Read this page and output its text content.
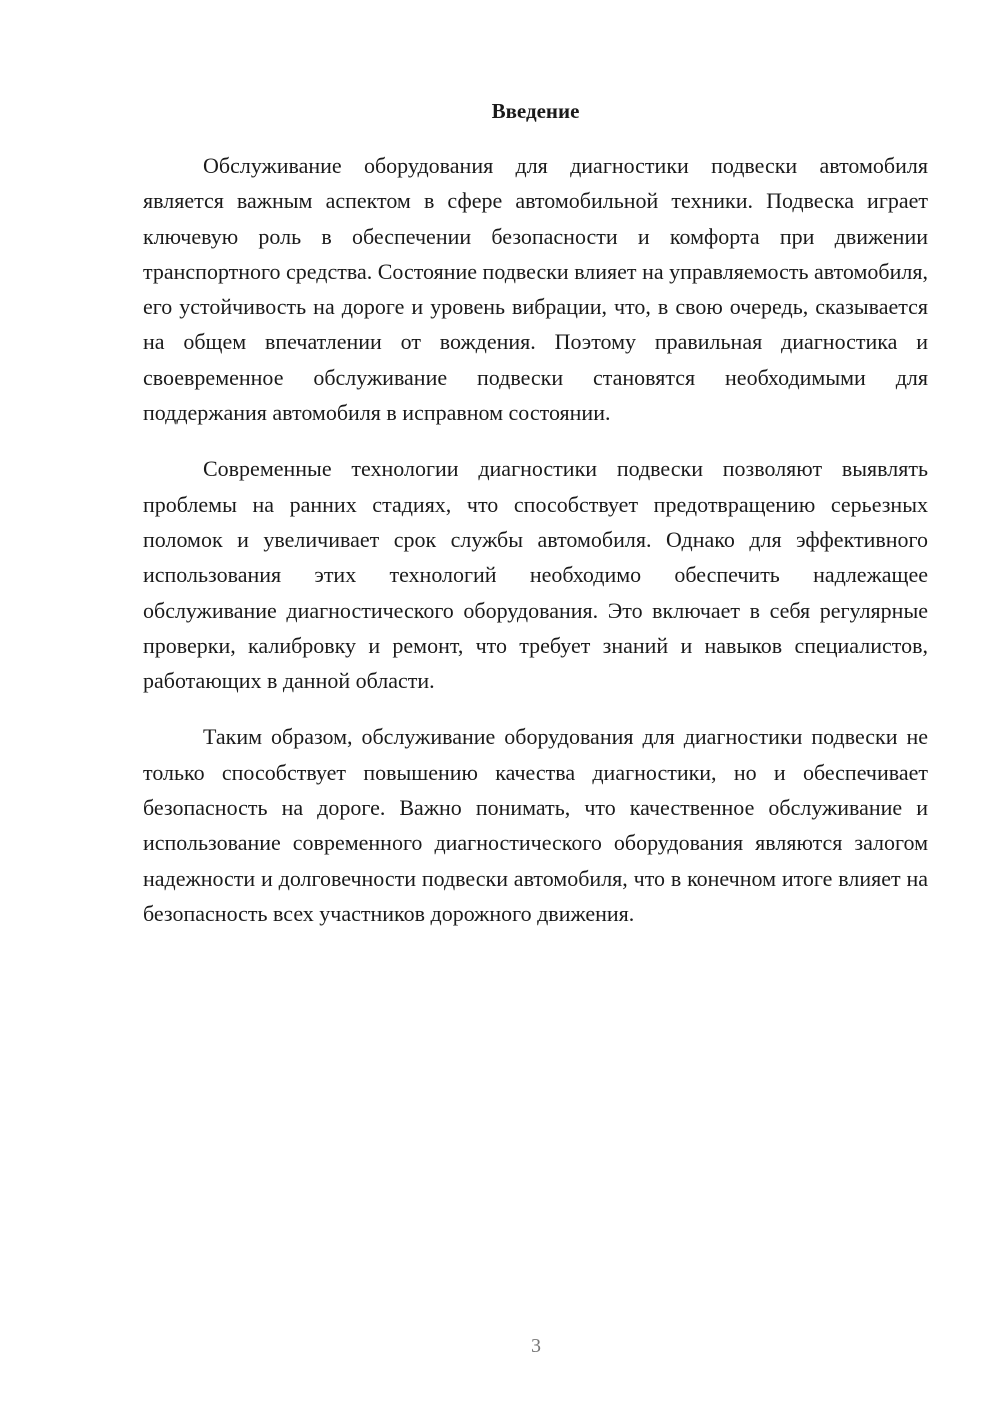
Введение

Обслуживание оборудования для диагностики подвески автомобиля является важным аспектом в сфере автомобильной техники. Подвеска играет ключевую роль в обеспечении безопасности и комфорта при движении транспортного средства. Состояние подвески влияет на управляемость автомобиля, его устойчивость на дороге и уровень вибрации, что, в свою очередь, сказывается на общем впечатлении от вождения. Поэтому правильная диагностика и своевременное обслуживание подвески становятся необходимыми для поддержания автомобиля в исправном состоянии.

Современные технологии диагностики подвески позволяют выявлять проблемы на ранних стадиях, что способствует предотвращению серьезных поломок и увеличивает срок службы автомобиля. Однако для эффективного использования этих технологий необходимо обеспечить надлежащее обслуживание диагностического оборудования. Это включает в себя регулярные проверки, калибровку и ремонт, что требует знаний и навыков специалистов, работающих в данной области.

Таким образом, обслуживание оборудования для диагностики подвески не только способствует повышению качества диагностики, но и обеспечивает безопасность на дороге. Важно понимать, что качественное обслуживание и использование современного диагностического оборудования являются залогом надежности и долговечности подвески автомобиля, что в конечном итоге влияет на безопасность всех участников дорожного движения.

3
